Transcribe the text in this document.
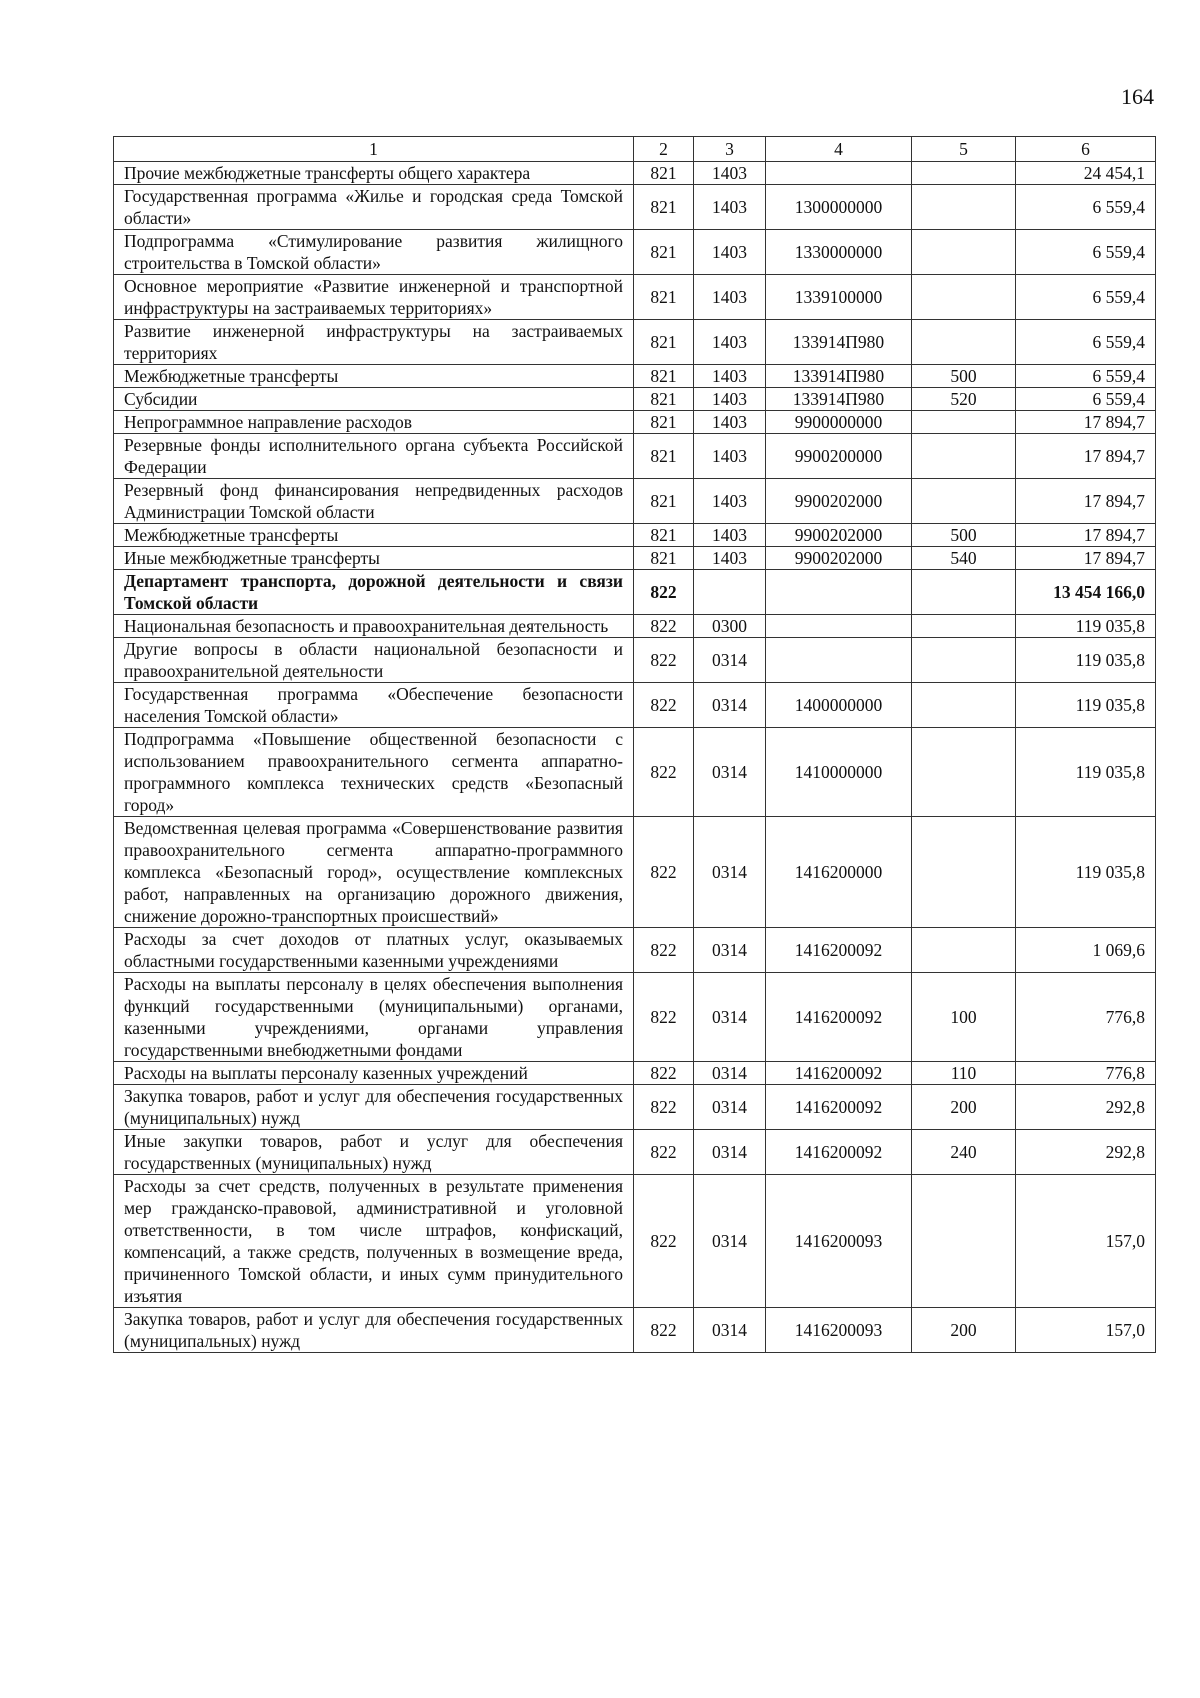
164
1	2	3	4	5	6
Прочие межбюджетные трансферты общего характера	821	1403			24 454,1
Государственная программа «Жилье и городская среда Томской области»	821	1403	1300000000		6 559,4
Подпрограмма «Стимулирование развития жилищного строительства в Томской области»	821	1403	1330000000		6 559,4
Основное мероприятие «Развитие инженерной и транспортной инфраструктуры на застраиваемых территориях»	821	1403	1339100000		6 559,4
Развитие инженерной инфраструктуры на застраиваемых территориях	821	1403	133914П980		6 559,4
Межбюджетные трансферты	821	1403	133914П980	500	6 559,4
Субсидии	821	1403	133914П980	520	6 559,4
Непрограммное направление расходов	821	1403	9900000000		17 894,7
Резервные фонды исполнительного органа субъекта Российской Федерации	821	1403	9900200000		17 894,7
Резервный фонд финансирования непредвиденных расходов Администрации Томской области	821	1403	9900202000		17 894,7
Межбюджетные трансферты	821	1403	9900202000	500	17 894,7
Иные межбюджетные трансферты	821	1403	9900202000	540	17 894,7
Департамент транспорта, дорожной деятельности и связи Томской области	822				13 454 166,0
Национальная безопасность и правоохранительная деятельность	822	0300			119 035,8
Другие вопросы в области национальной безопасности и правоохранительной деятельности	822	0314			119 035,8
Государственная программа «Обеспечение безопасности населения Томской области»	822	0314	1400000000		119 035,8
Подпрограмма «Повышение общественной безопасности с использованием правоохранительного сегмента аппаратно-программного комплекса технических средств «Безопасный город»	822	0314	1410000000		119 035,8
Ведомственная целевая программа «Совершенствование развития правоохранительного сегмента аппаратно-программного комплекса «Безопасный город», осуществление комплексных работ, направленных на организацию дорожного движения, снижение дорожно-транспортных происшествий»	822	0314	1416200000		119 035,8
Расходы за счет доходов от платных услуг, оказываемых областными государственными казенными учреждениями	822	0314	1416200092		1 069,6
Расходы на выплаты персоналу в целях обеспечения выполнения функций государственными (муниципальными) органами, казенными учреждениями, органами управления государственными внебюджетными фондами	822	0314	1416200092	100	776,8
Расходы на выплаты персоналу казенных учреждений	822	0314	1416200092	110	776,8
Закупка товаров, работ и услуг для обеспечения государственных (муниципальных) нужд	822	0314	1416200092	200	292,8
Иные закупки товаров, работ и услуг для обеспечения государственных (муниципальных) нужд	822	0314	1416200092	240	292,8
Расходы за счет средств, полученных в результате применения мер гражданско-правовой, административной и уголовной ответственности, в том числе штрафов, конфискаций, компенсаций, а также средств, полученных в возмещение вреда, причиненного Томской области, и иных сумм принудительного изъятия	822	0314	1416200093		157,0
Закупка товаров, работ и услуг для обеспечения государственных (муниципальных) нужд	822	0314	1416200093	200	157,0
